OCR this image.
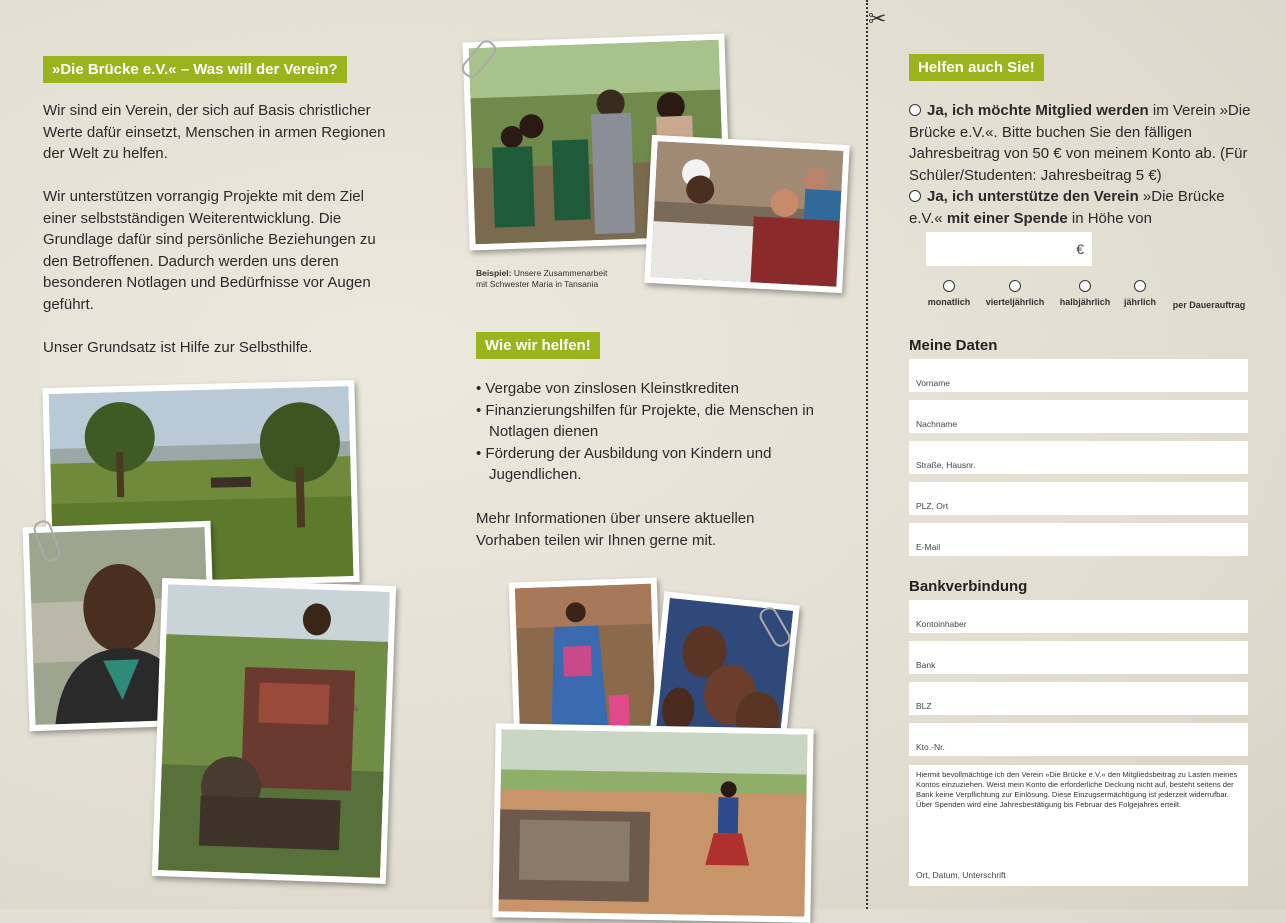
»Die Brücke e.V.« – Was will der Verein?

Wir sind ein Verein, der sich auf Basis christlicher Werte dafür einsetzt, Menschen in armen Regionen der Welt zu helfen.

Wir unterstützen vorrangig Projekte mit dem Ziel einer selbstständigen Weiterentwicklung. Die Grundlage dafür sind persönliche Beziehungen zu den Betroffenen. Dadurch werden uns deren besonderen Notlagen und Bedürfnisse vor Augen geführt.

Unser Grundsatz ist Hilfe zur Selbsthilfe.

Beispiel: Unsere Zusammenarbeit
mit Schwester Maria in Tansania
Wie wir helfen!
• Vergabe von zinslosen Kleinstkrediten
• Finanzierungshilfen für Projekte, die Menschen in Notlagen dienen
• Förderung der Ausbildung von Kindern und Jugendlichen.
Mehr Informationen über unsere aktuellen Vorhaben teilen wir Ihnen gerne mit.
✂
Helfen auch Sie!
Ja, ich möchte Mitglied werden im Verein »Die Brücke e.V.«. Bitte buchen Sie den fälligen Jahresbeitrag von 50 € von meinem Konto ab. (Für Schüler/Studenten: Jahresbeitrag 5 €)
Ja, ich unterstütze den Verein »Die Brücke e.V.« mit einer Spende in Höhe von
€
monatlich	vierteljährlich	halbjährlich	jährlich	per Dauerauftrag
Meine Daten
Vorname
Nachname
Straße, Hausnr.
PLZ, Ort
E-Mail
Bankverbindung
Kontoinhaber
Bank
BLZ
Kto.-Nr.
Hiermit bevollmächtige ich den Verein »Die Brücke e.V.« den Mitgliedsbeitrag zu Lasten meines Kontos einzuziehen. Weist mein Konto die erforderliche Deckung nicht auf, besteht seitens der Bank keine Verpflichtung zur Einlösung. Diese Einzugsermächtigung ist jederzeit widerrufbar. Über Spenden wird eine Jahresbestätigung bis Februar des Folgejahres erteilt.
Ort, Datum, Unterschrift
